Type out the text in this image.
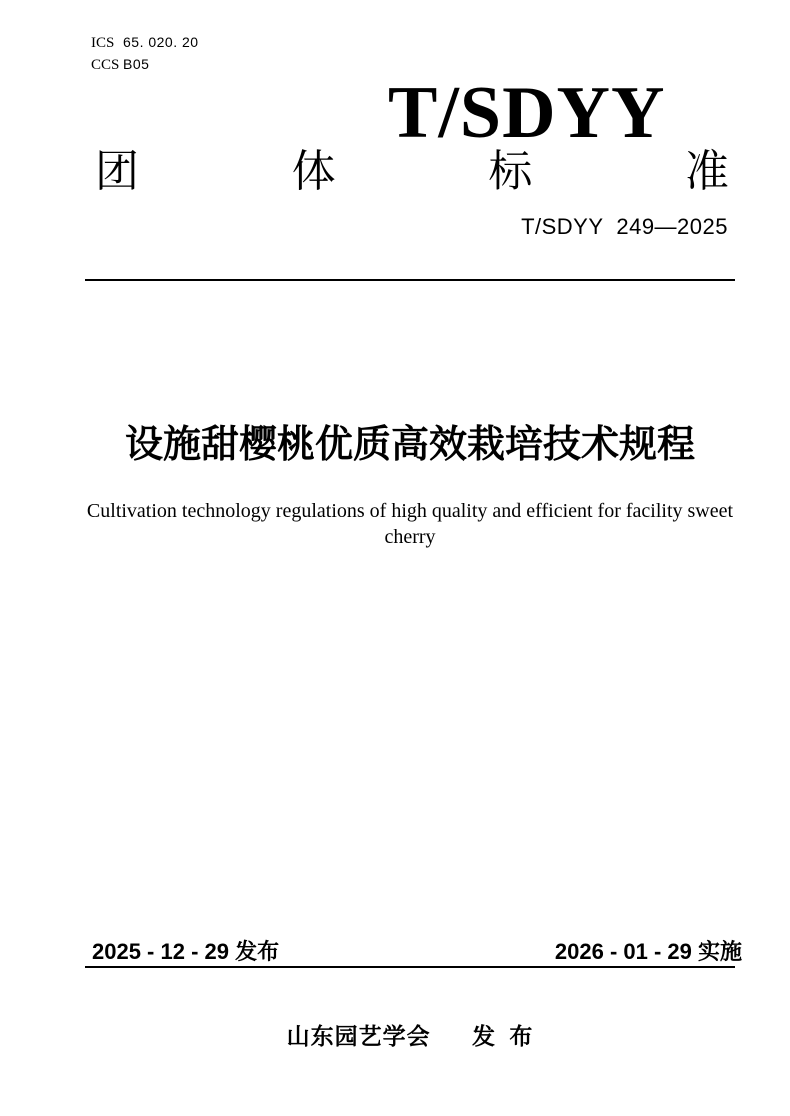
ICS 65. 020. 20
CCS B05
T/SDYY
团	体	标	准
T/SDYY  249—2025
设施甜樱桃优质高效栽培技术规程
Cultivation technology regulations of high quality and efficient for facility sweet
cherry
2025 - 12 - 29 发布	2026 - 01 - 29 实施
山东园艺学会 发 布
